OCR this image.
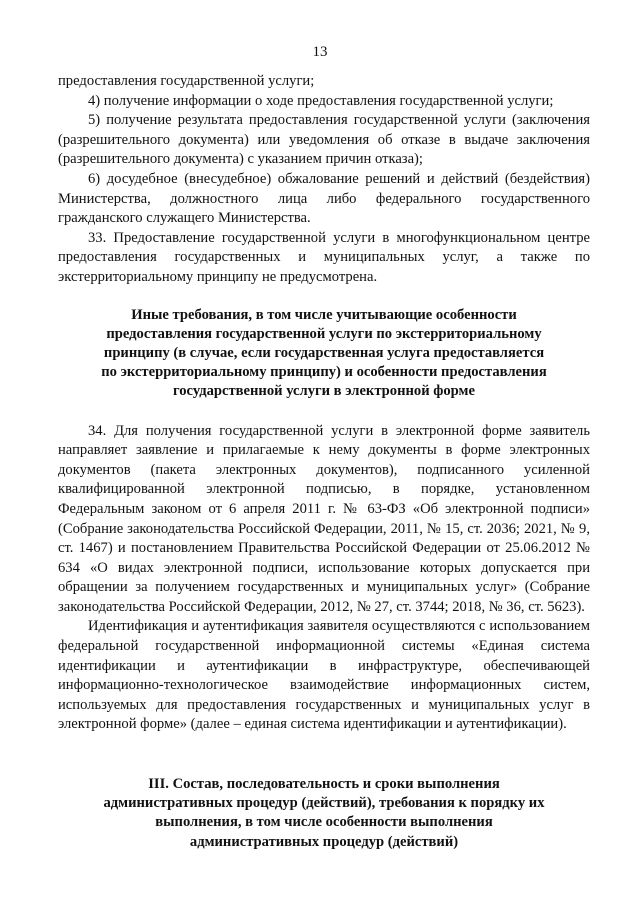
13

предоставления государственной услуги;

4) получение информации о ходе предоставления государственной услуги;

5) получение результата предоставления государственной услуги (заключения (разрешительного документа) или уведомления об отказе в выдаче заключения (разрешительного документа) с указанием причин отказа);

6) досудебное (внесудебное) обжалование решений и действий (бездействия) Министерства, должностного лица либо федерального государственного гражданского служащего Министерства.

33. Предоставление государственной услуги в многофункциональном центре предоставления государственных и муниципальных услуг, а также по экстерриториальному принципу не предусмотрена.

Иные требования, в том числе учитывающие особенности предоставления государственной услуги по экстерриториальному принципу (в случае, если государственная услуга предоставляется по экстерриториальному принципу) и особенности предоставления государственной услуги в электронной форме

34. Для получения государственной услуги в электронной форме заявитель направляет заявление и прилагаемые к нему документы в форме электронных документов (пакета электронных документов), подписанного усиленной квалифицированной электронной подписью, в порядке, установленном Федеральным законом от 6 апреля 2011 г. № 63-ФЗ «Об электронной подписи» (Собрание законодательства Российской Федерации, 2011, № 15, ст. 2036; 2021, № 9, ст. 1467) и постановлением Правительства Российской Федерации от 25.06.2012 № 634 «О видах электронной подписи, использование которых допускается при обращении за получением государственных и муниципальных услуг» (Собрание законодательства Российской Федерации, 2012, № 27, ст. 3744; 2018, № 36, ст. 5623).

Идентификация и аутентификация заявителя осуществляются с использованием федеральной государственной информационной системы «Единая система идентификации и аутентификации в инфраструктуре, обеспечивающей информационно-технологическое взаимодействие информационных систем, используемых для предоставления государственных и муниципальных услуг в электронной форме» (далее – единая система идентификации и аутентификации).

III. Состав, последовательность и сроки выполнения административных процедур (действий), требования к порядку их выполнения, в том числе особенности выполнения административных процедур (действий)
